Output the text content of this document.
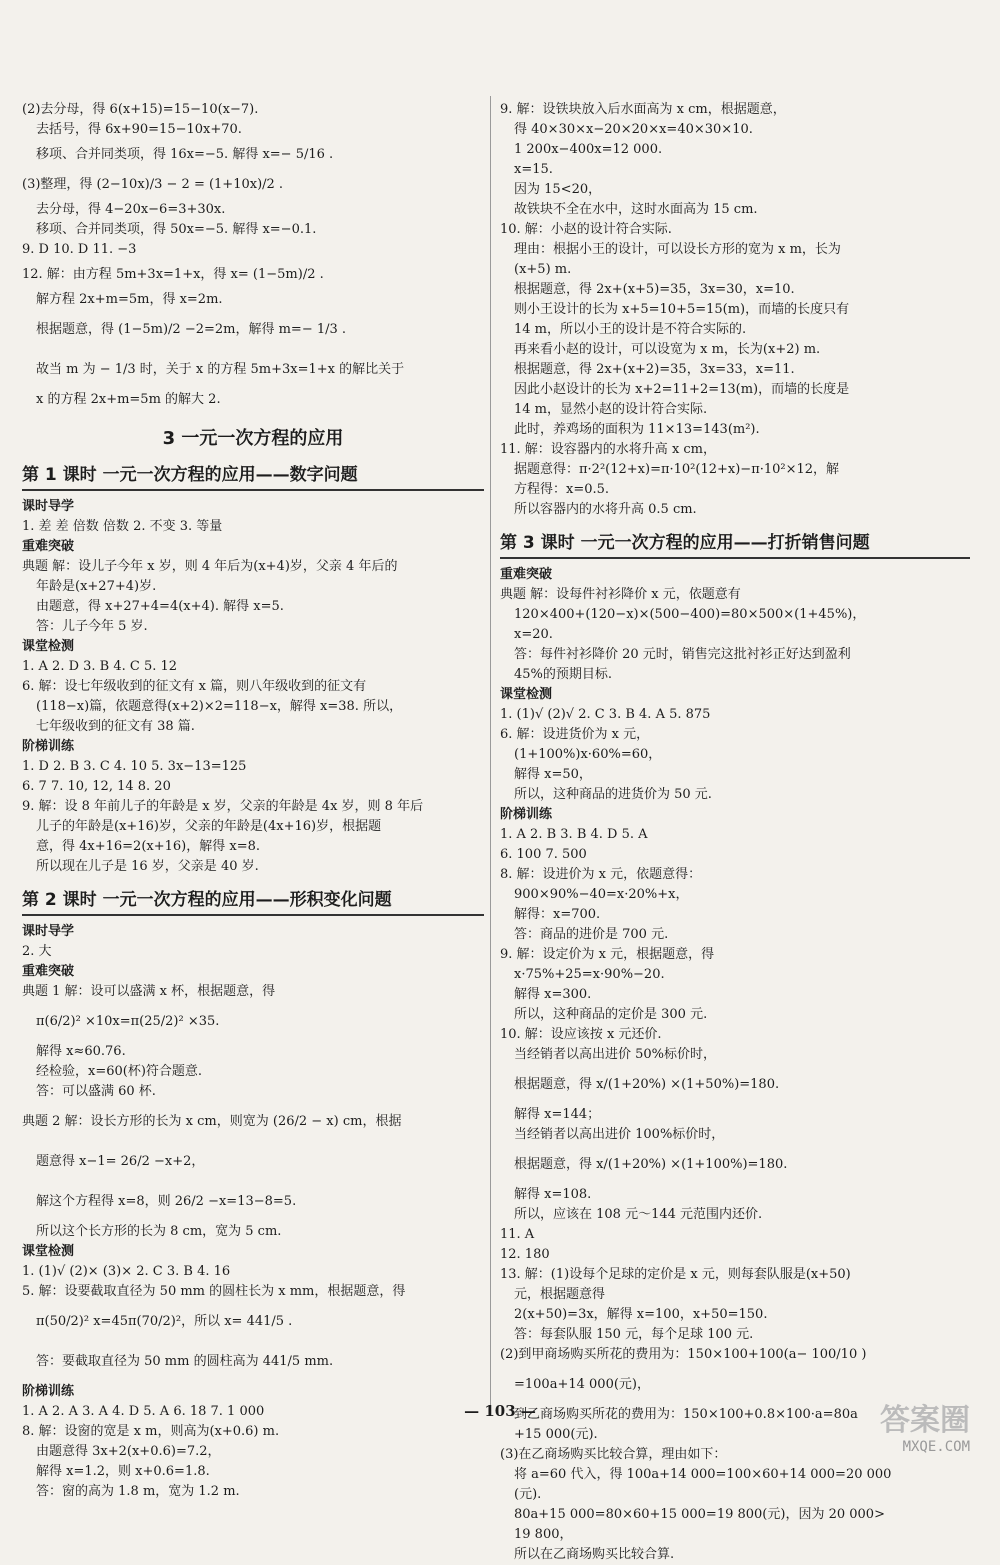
(2)去分母，得 6(x+15)=15−10(x−7).

去括号，得 6x+90=15−10x+70.

移项、合并同类项，得 16x=−5. 解得 x=− 5/16 .

(3)整理，得 (2−10x)/3 − 2 = (1+10x)/2 .

去分母，得 4−20x−6=3+30x.

移项、合并同类项，得 50x=−5. 解得 x=−0.1.

9. D 10. D 11. −3

12. 解：由方程 5m+3x=1+x，得 x= (1−5m)/2 .

解方程 2x+m=5m，得 x=2m.

根据题意，得 (1−5m)/2 −2=2m，解得 m=− 1/3 .

故当 m 为 − 1/3 时，关于 x 的方程 5m+3x=1+x 的解比关于

x 的方程 2x+m=5m 的解大 2.

3 一元一次方程的应用
第 1 课时 一元一次方程的应用——数字问题

课时导学

1. 差 差 倍数 倍数 2. 不变 3. 等量

重难突破

典题 解：设儿子今年 x 岁，则 4 年后为(x+4)岁，父亲 4 年后的

年龄是(x+27+4)岁.

由题意，得 x+27+4=4(x+4). 解得 x=5.

答：儿子今年 5 岁.

课堂检测

1. A 2. D 3. B 4. C 5. 12

6. 解：设七年级收到的征文有 x 篇，则八年级收到的征文有

(118−x)篇，依题意得(x+2)×2=118−x，解得 x=38. 所以，

七年级收到的征文有 38 篇.

阶梯训练

1. D 2. B 3. C 4. 10 5. 3x−13=125

6. 7 7. 10, 12, 14 8. 20

9. 解：设 8 年前儿子的年龄是 x 岁，父亲的年龄是 4x 岁，则 8 年后

儿子的年龄是(x+16)岁，父亲的年龄是(4x+16)岁，根据题

意，得 4x+16=2(x+16)，解得 x=8.

所以现在儿子是 16 岁，父亲是 40 岁.

第 2 课时 一元一次方程的应用——形积变化问题

课时导学

2. 大

重难突破

典题 1 解：设可以盛满 x 杯，根据题意，得

π(6/2)² ×10x=π(25/2)² ×35.

解得 x≈60.76.

经检验，x=60(杯)符合题意.

答：可以盛满 60 杯.

典题 2 解：设长方形的长为 x cm，则宽为 (26/2 − x) cm，根据

题意得 x−1= 26/2 −x+2，

解这个方程得 x=8，则 26/2 −x=13−8=5.

所以这个长方形的长为 8 cm，宽为 5 cm.

课堂检测

1. (1)√ (2)× (3)× 2. C 3. B 4. 16

5. 解：设要截取直径为 50 mm 的圆柱长为 x mm，根据题意，得

π(50/2)² x=45π(70/2)²，所以 x= 441/5 .

答：要截取直径为 50 mm 的圆柱高为 441/5 mm.

阶梯训练

1. A 2. A 3. A 4. D 5. A 6. 18 7. 1 000

8. 解：设窗的宽是 x m，则高为(x+0.6) m.

由题意得 3x+2(x+0.6)=7.2，

解得 x=1.2，则 x+0.6=1.8.

答：窗的高为 1.8 m，宽为 1.2 m.

9. 解：设铁块放入后水面高为 x cm，根据题意，

得 40×30×x−20×20×x=40×30×10.

1 200x−400x=12 000.

x=15.

因为 15<20，

故铁块不全在水中，这时水面高为 15 cm.

10. 解：小赵的设计符合实际.

理由：根据小王的设计，可以设长方形的宽为 x m，长为

(x+5) m.

根据题意，得 2x+(x+5)=35，3x=30，x=10.

则小王设计的长为 x+5=10+5=15(m)，而墙的长度只有

14 m，所以小王的设计是不符合实际的.

再来看小赵的设计，可以设宽为 x m，长为(x+2) m.

根据题意，得 2x+(x+2)=35，3x=33，x=11.

因此小赵设计的长为 x+2=11+2=13(m)，而墙的长度是

14 m，显然小赵的设计符合实际.

此时，养鸡场的面积为 11×13=143(m²).

11. 解：设容器内的水将升高 x cm，

据题意得：π·2²(12+x)=π·10²(12+x)−π·10²×12，解

方程得：x=0.5.

所以容器内的水将升高 0.5 cm.

第 3 课时 一元一次方程的应用——打折销售问题

重难突破

典题 解：设每件衬衫降价 x 元，依题意有

120×400+(120−x)×(500−400)=80×500×(1+45%)，

x=20.

答：每件衬衫降价 20 元时，销售完这批衬衫正好达到盈利

45%的预期目标.

课堂检测

1. (1)√ (2)√ 2. C 3. B 4. A 5. 875

6. 解：设进货价为 x 元，

(1+100%)x·60%=60，

解得 x=50，

所以，这种商品的进货价为 50 元.

阶梯训练

1. A 2. B 3. B 4. D 5. A

6. 100 7. 500

8. 解：设进价为 x 元，依题意得：

900×90%−40=x·20%+x，

解得：x=700.

答：商品的进价是 700 元.

9. 解：设定价为 x 元，根据题意，得

x·75%+25=x·90%−20.

解得 x=300.

所以，这种商品的定价是 300 元.

10. 解：设应该按 x 元还价.

当经销者以高出进价 50%标价时，

根据题意，得 x/(1+20%) ×(1+50%)=180.

解得 x=144；

当经销者以高出进价 100%标价时，

根据题意，得 x/(1+20%) ×(1+100%)=180.

解得 x=108.

所以，应该在 108 元～144 元范围内还价.

11. A

12. 180

13. 解：(1)设每个足球的定价是 x 元，则每套队服是(x+50)

元，根据题意得

2(x+50)=3x，解得 x=100，x+50=150.

答：每套队服 150 元，每个足球 100 元.

(2)到甲商场购买所花的费用为：150×100+100(a− 100/10 )

=100a+14 000(元)，

到乙商场购买所花的费用为：150×100+0.8×100·a=80a

+15 000(元).

(3)在乙商场购买比较合算，理由如下：

将 a=60 代入，得 100a+14 000=100×60+14 000=20 000

(元).

80a+15 000=80×60+15 000=19 800(元)，因为 20 000>

19 800，

所以在乙商场购买比较合算.

— 103 —	答案圈
MXQE.COM
